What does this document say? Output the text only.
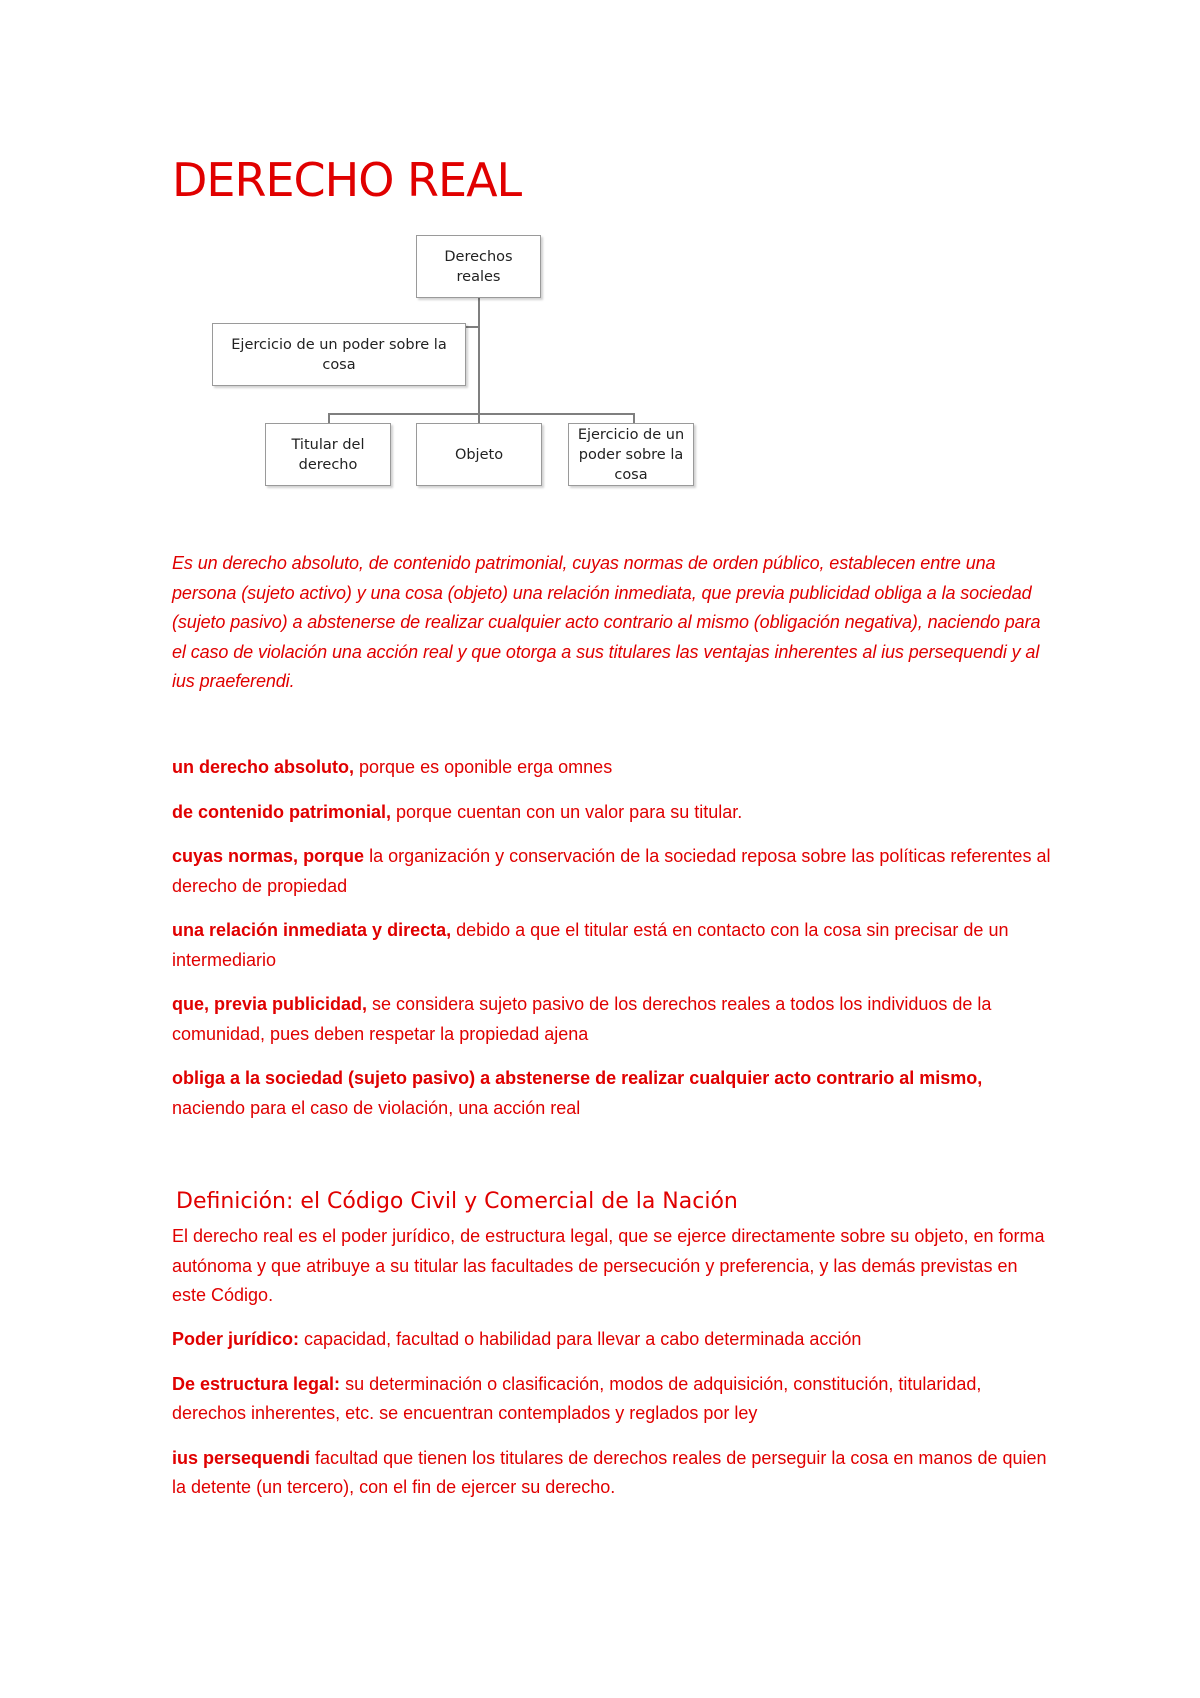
DERECHO REAL
Derechos reales
Ejercicio de un poder sobre la cosa
Titular del derecho
Objeto
Ejercicio de un poder sobre la cosa

Es un derecho absoluto, de contenido patrimonial, cuyas normas de orden público, establecen entre una persona (sujeto activo) y una cosa (objeto) una relación inmediata, que previa publicidad obliga a la sociedad (sujeto pasivo) a abstenerse de realizar cualquier acto contrario al mismo (obligación negativa), naciendo para el caso de violación una acción real y que otorga a sus titulares las ventajas inherentes al ius persequendi y al ius praeferendi.

un derecho absoluto, porque es oponible erga omnes

de contenido patrimonial, porque cuentan con un valor para su titular.

cuyas normas, porque la organización y conservación de la sociedad reposa sobre las políticas referentes al derecho de propiedad

una relación inmediata y directa, debido a que el titular está en contacto con la cosa sin precisar de un intermediario

que, previa publicidad, se considera sujeto pasivo de los derechos reales a todos los individuos de la comunidad, pues deben respetar la propiedad ajena

obliga a la sociedad (sujeto pasivo) a abstenerse de realizar cualquier acto contrario al mismo, naciendo para el caso de violación, una acción real

Definición: el Código Civil y Comercial de la Nación

El derecho real es el poder jurídico, de estructura legal, que se ejerce directamente sobre su objeto, en forma autónoma y que atribuye a su titular las facultades de persecución y preferencia, y las demás previstas en este Código.

Poder jurídico: capacidad, facultad o habilidad para llevar a cabo determinada acción

De estructura legal: su determinación o clasificación, modos de adquisición, constitución, titularidad, derechos inherentes, etc. se encuentran contemplados y reglados por ley

ius persequendi facultad que tienen los titulares de derechos reales de perseguir la cosa en manos de quien la detente (un tercero), con el fin de ejercer su derecho.
